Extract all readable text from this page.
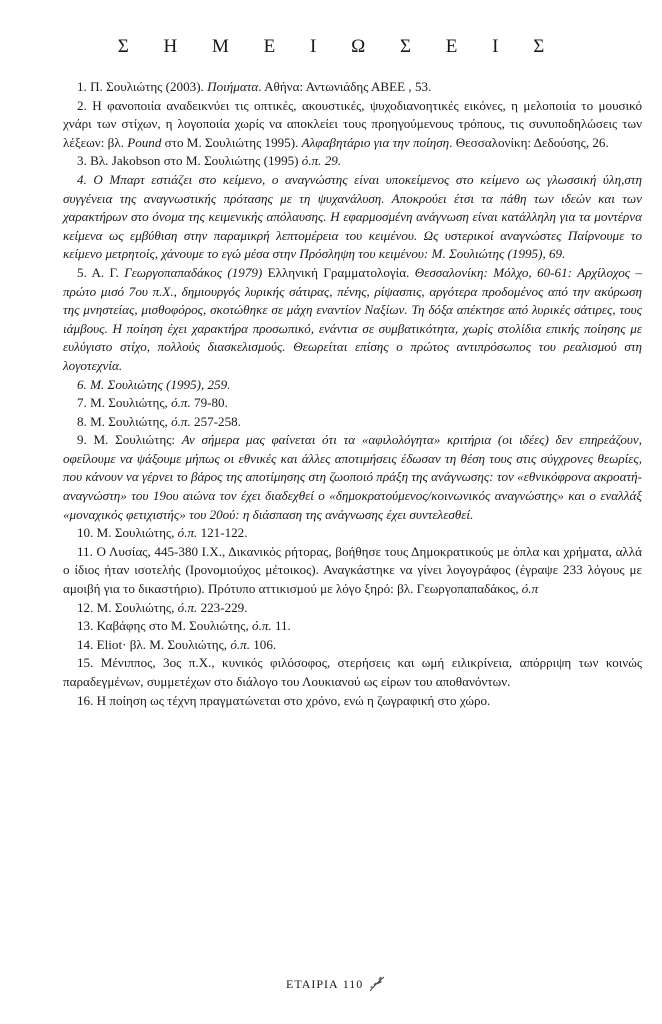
Σ Η Μ Ε Ι Ω Σ Ε Ι Σ

1. Π. Σουλιώτης (2003). Ποιήματα. Αθήνα: Αντωνιάδης ΑΒΕΕ , 53.

2. Η φανοποιία αναδεικνύει τις οπτικές, ακουστικές, ψυχοδιανοητικές εικόνες, η μελοποιία το μουσικό χνάρι των στίχων, η λογοποιία χωρίς να αποκλείει τους προηγούμενους τρόπους, τις συνυποδηλώσεις των λέξεων: βλ. Pound στο Μ. Σουλιώτης 1995). Αλφαβητάριο για την ποίηση. Θεσσαλονίκη: Δεδούσης, 26.

3. Βλ. Jakobson στο Μ. Σουλιώτης (1995) ό.π. 29.

4. Ο Μπαρτ εστιάζει στο κείμενο, ο αναγνώστης είναι υποκείμενος στο κείμενο ως γλωσσική ύλη,στη συγγένεια της αναγνωστικής πρότασης με τη ψυχανάλυση. Αποκρούει έτσι τα πάθη των ιδεών και των χαρακτήρων στο όνομα της κειμενικής απόλαυσης. Η εφαρμοσμένη ανάγνωση είναι κατάλληλη για τα μοντέρνα κείμενα ως εμβύθιση στην παραμικρή λεπτομέρεια του κειμένου. Ως υστερικοί αναγνώστες Παίρνουμε το κείμενο μετρητοίς, χάνουμε το εγώ μέσα στην Πρόσληψη του κειμένου: Μ. Σουλιώτης (1995), 69.

5. Α. Γ. Γεωργοπαπαδάκος (1979) Ελληνική Γραμματολογία. Θεσσαλονίκη: Μόλχο, 60-61: Αρχίλοχος – πρώτο μισό 7ου π.Χ., δημιουργός λυρικής σάτιρας, πένης, ρίψασπις, αργότερα προδομένος από την ακύρωση της μνηστείας, μισθοφόρος, σκοτώθηκε σε μάχη εναντίον Ναξίων. Τη δόξα απέκτησε από λυρικές σάτιρες, τους ιάμβους. Η ποίηση έχει χαρακτήρα προσωπικό, ενάντια σε συμβατικότητα, χωρίς στολίδια επικής ποίησης με ευλύγιστο στίχο, πολλούς διασκελισμούς. Θεωρείται επίσης ο πρώτος αντιπρόσωπος του ρεαλισμού στη λογοτεχνία.

6. Μ. Σουλιώτης (1995), 259.

7. Μ. Σουλιώτης, ό.π. 79-80.

8. Μ. Σουλιώτης, ό.π. 257-258.

9. Μ. Σουλιώτης: Αν σήμερα μας φαίνεται ότι τα «αφιλολόγητα» κριτήρια (οι ιδέες) δεν επηρεάζουν, οφείλουμε να ψάξουμε μήπως οι εθνικές και άλλες αποτιμήσεις έδωσαν τη θέση τους στις σύγχρονες θεωρίες, που κάνουν να γέρνει το βάρος της αποτίμησης στη ζωοποιό πράξη της ανάγνωσης: τον «εθνικόφρονα ακροατή-αναγνώστη» του 19ου αιώνα τον έχει διαδεχθεί ο «δημοκρατούμενος/κοινωνικός αναγνώστης» και ο εναλλάξ «μοναχικός φετιχιστής» του 20ού: η διάσπαση της ανάγνωσης έχει συντελεσθεί.

10. Μ. Σουλιώτης, ό.π. 121-122.

11. Ο Λυσίας, 445-380 Ι.Χ., Δικανικός ρήτορας, βοήθησε τους Δημοκρατικούς με όπλα και χρήματα, αλλά ο ίδιος ήταν ισοτελής (Ιρονομιούχος μέτοικος). Αναγκάστηκε να γίνει λογογράφος (έγραψε 233 λόγους με αμοιβή για το δικαστήριο). Πρότυπο αττικισμού με λόγο ξηρό: βλ. Γεωργοπαπαδάκος, ό.π

12. Μ. Σουλιώτης, ό.π. 223-229.

13. Καβάφης στο Μ. Σουλιώτης, ό.π. 11.

14. Eliot· βλ. Μ. Σουλιώτης, ό.π. 106.

15. Μένιππος, 3ος π.Χ., κυνικός φιλόσοφος, στερήσεις και ωμή ειλικρίνεια, απόρριψη των κοινώς παραδεγμένων, συμμετέχων στο διάλογο του Λουκιανού ως είρων του αποθανόντων.

16. Η ποίηση ως τέχνη πραγματώνεται στο χρόνο, ενώ η ζωγραφική στο χώρο.

ΕΤΑΙΡΙΑ 110
